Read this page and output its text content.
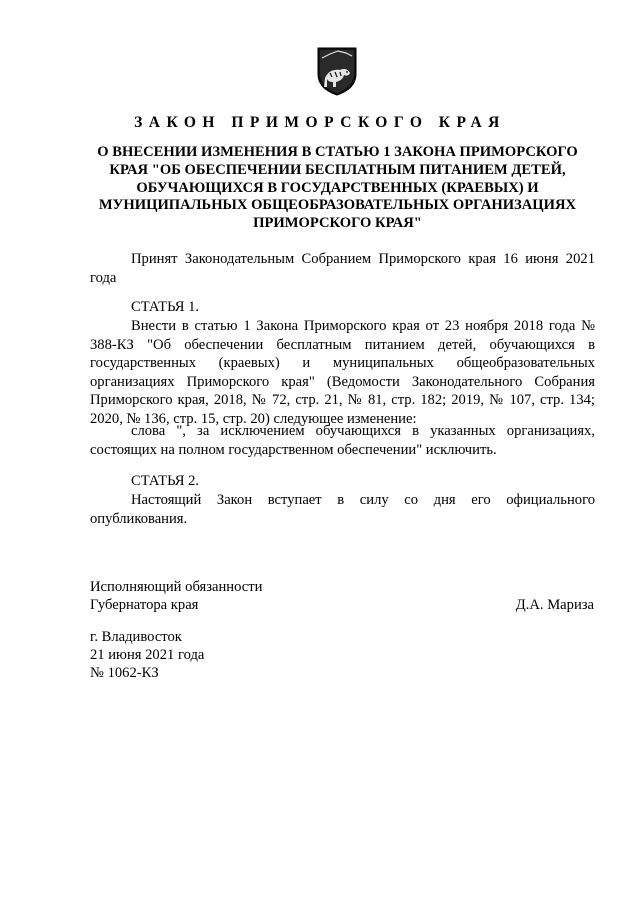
ЗАКОН ПРИМОРСКОГО КРАЯ
О ВНЕСЕНИИ ИЗМЕНЕНИЯ В СТАТЬЮ 1 ЗАКОНА ПРИМОРСКОГО КРАЯ "ОБ ОБЕСПЕЧЕНИИ БЕСПЛАТНЫМ ПИТАНИЕМ ДЕТЕЙ, ОБУЧАЮЩИХСЯ В ГОСУДАРСТВЕННЫХ (КРАЕВЫХ) И МУНИЦИПАЛЬНЫХ ОБЩЕОБРАЗОВАТЕЛЬНЫХ ОРГАНИЗАЦИЯХ ПРИМОРСКОГО КРАЯ"

Принят Законодательным Собранием Приморского края 16 июня 2021 года

СТАТЬЯ 1.

Внести в статью 1 Закона Приморского края от 23 ноября 2018 года № 388-КЗ "Об обеспечении бесплатным питанием детей, обучающихся в государственных (краевых) и муниципальных общеобразовательных организациях Приморского края" (Ведомости Законодательного Собрания Приморского края, 2018, № 72, стр. 21, № 81, стр. 182; 2019, № 107, стр. 134; 2020, № 136, стр. 15, стр. 20) следующее изменение:

слова ", за исключением обучающихся в указанных организациях, состоящих на полном государственном обеспечении" исключить.

СТАТЬЯ 2.

Настоящий Закон вступает в силу со дня его официального опубликования.

Исполняющий обязанности

Губернатора края	Д.А. Мариза

г. Владивосток

21 июня 2021 года

№ 1062-КЗ
